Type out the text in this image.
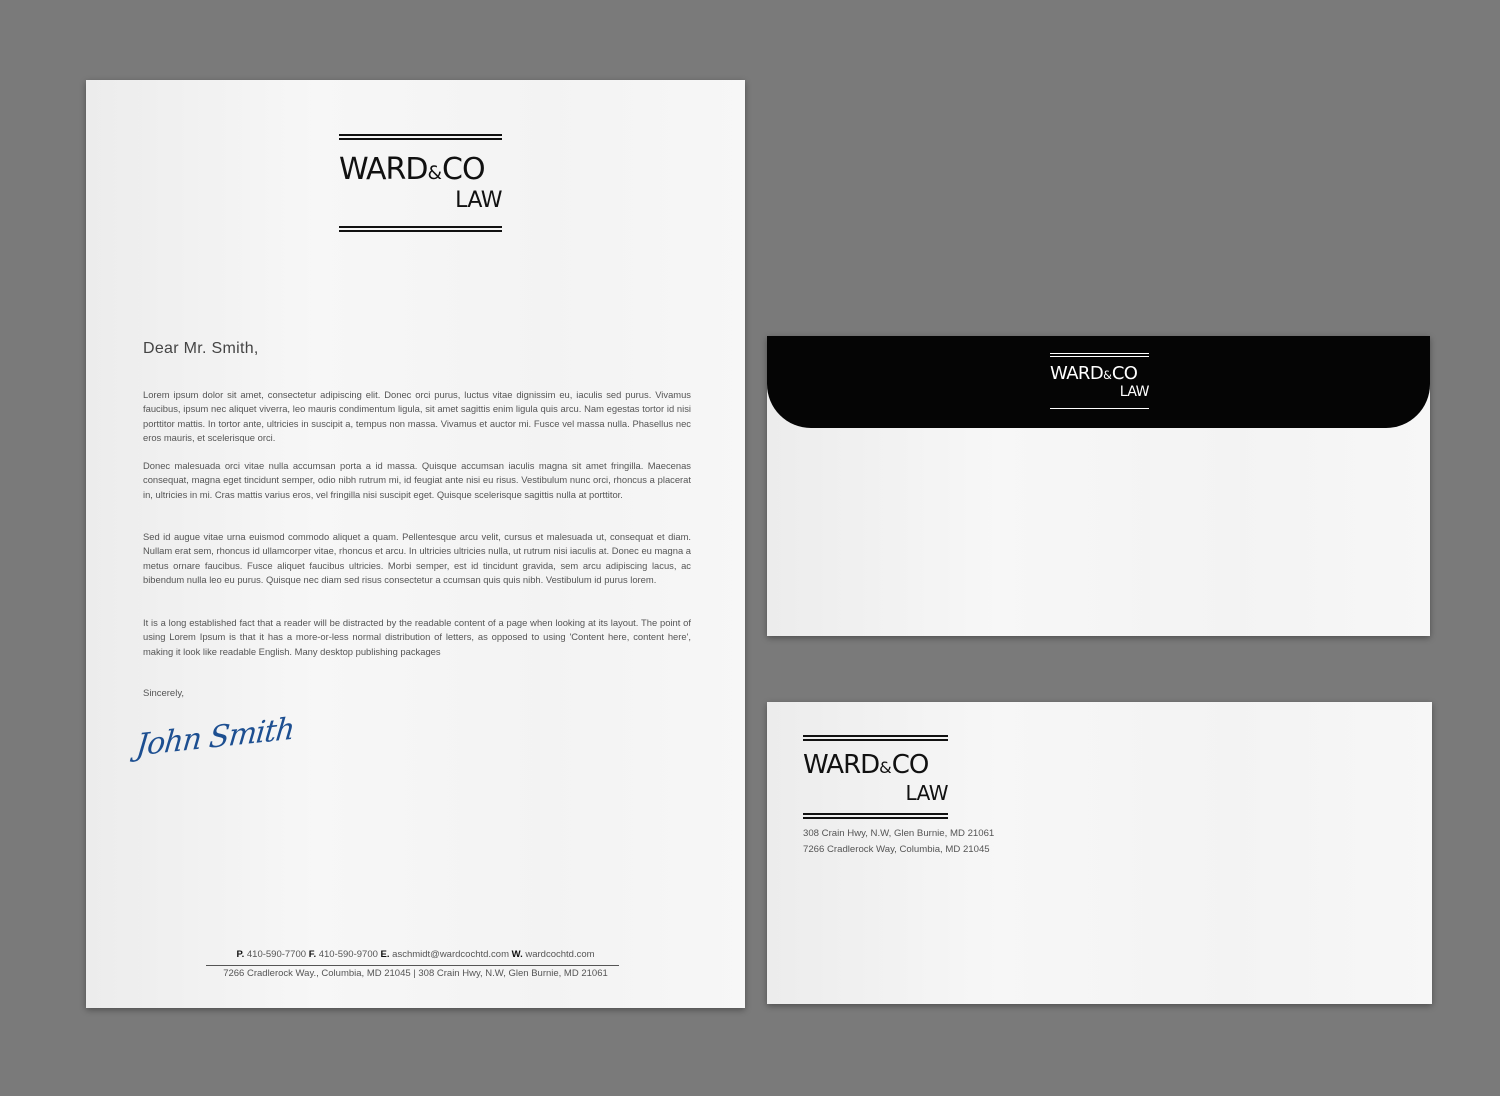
WARD&CO
LAW
Dear Mr. Smith,

Lorem ipsum dolor sit amet, consectetur adipiscing elit. Donec orci purus, luctus vitae dignissim eu, iaculis sed purus. Vivamus faucibus, ipsum nec aliquet viverra, leo mauris condimentum ligula, sit amet sagittis enim ligula quis arcu. Nam egestas tortor id nisi porttitor mattis. In tortor ante, ultricies in suscipit a, tempus non massa. Vivamus et auctor mi. Fusce vel massa nulla. Phasellus nec eros mauris, et scelerisque orci.

Donec malesuada orci vitae nulla accumsan porta a id massa. Quisque accumsan iaculis magna sit amet fringilla. Maecenas consequat, magna eget tincidunt semper, odio nibh rutrum mi, id feugiat ante nisi eu risus. Vestibulum nunc orci, rhoncus a placerat in, ultricies in mi. Cras mattis varius eros, vel fringilla nisi suscipit eget. Quisque scelerisque sagittis nulla at porttitor.

Sed id augue vitae urna euismod commodo aliquet a quam. Pellentesque arcu velit, cursus et malesuada ut, consequat et diam. Nullam erat sem, rhoncus id ullamcorper vitae, rhoncus et arcu. In ultricies ultricies nulla, ut rutrum nisi iaculis at. Donec eu magna a metus ornare faucibus. Fusce aliquet faucibus ultricies. Morbi semper, est id tincidunt gravida, sem arcu adipiscing lacus, ac bibendum nulla leo eu purus. Quisque nec diam sed risus consectetur a ccumsan quis quis nibh. Vestibulum id purus lorem.

It is a long established fact that a reader will be distracted by the readable content of a page when looking at its layout. The point of using Lorem Ipsum is that it has a more-or-less normal distribution of letters, as opposed to using 'Content here, content here', making it look like readable English. Many desktop publishing packages

Sincerely,
John Smith
P. 410-590-7700 F. 410-590-9700 E. aschmidt@wardcochtd.com W. wardcochtd.com
7266 Cradlerock Way., Columbia, MD 21045 | 308 Crain Hwy, N.W, Glen Burnie, MD 21061
WARD&CO
LAW
WARD&CO
LAW
308 Crain Hwy, N.W, Glen Burnie, MD 21061
7266 Cradlerock Way, Columbia, MD 21045
